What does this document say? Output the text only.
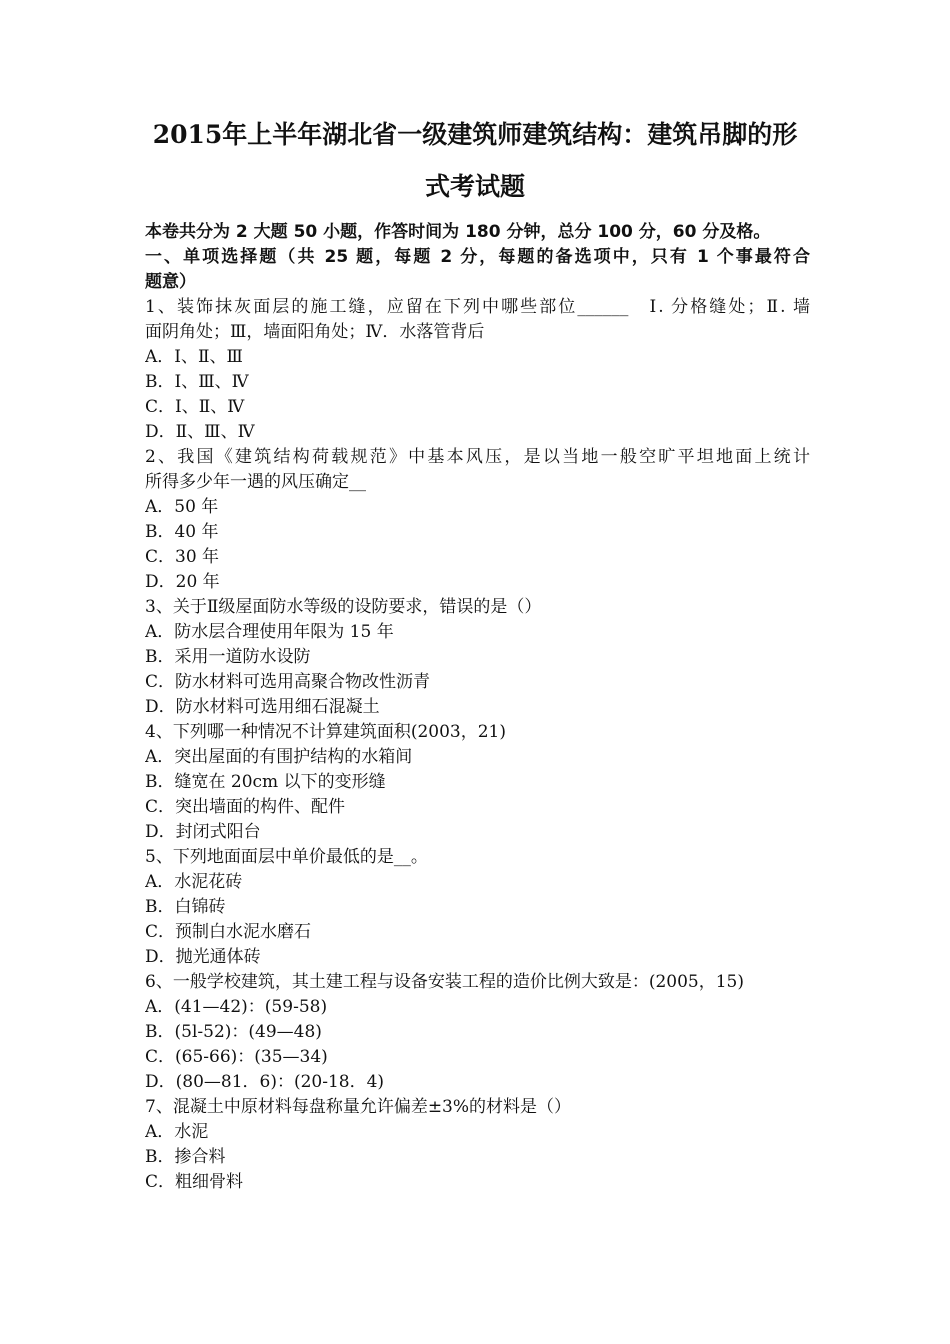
2015年上半年湖北省一级建筑师建筑结构：建筑吊脚的形
式考试题
本卷共分为 2 大题 50 小题，作答时间为 180 分钟，总分 100 分，60 分及格。
一、单项选择题（共 25 题，每题 2 分，每题的备选项中，只有 1 个事最符合
题意）
1、装饰抹灰面层的施工缝，应留在下列中哪些部位______　Ⅰ. 分格缝处；Ⅱ. 墙
面阴角处；Ⅲ，墙面阳角处；Ⅳ．水落管背后
A．Ⅰ、Ⅱ、Ⅲ
B．Ⅰ、Ⅲ、Ⅳ
C．Ⅰ、Ⅱ、Ⅳ
D．Ⅱ、Ⅲ、Ⅳ
2、我国《建筑结构荷载规范》中基本风压，是以当地一般空旷平坦地面上统计
所得多少年一遇的风压确定__
A．50 年
B．40 年
C．30 年
D．20 年
3、关于Ⅱ级屋面防水等级的设防要求，错误的是（）
A．防水层合理使用年限为 15 年
B．采用一道防水设防
C．防水材料可选用高聚合物改性沥青
D．防水材料可选用细石混凝土
4、下列哪一种情况不计算建筑面积(2003，21)
A．突出屋面的有围护结构的水箱间
B．缝宽在 20cm 以下的变形缝
C．突出墙面的构件、配件
D．封闭式阳台
5、下列地面面层中单价最低的是__。
A．水泥花砖
B．白锦砖
C．预制白水泥水磨石
D．抛光通体砖
6、一般学校建筑，其土建工程与设备安装工程的造价比例大致是：(2005，15)
A．(41—42)：(59-58)
B．(5l-52)：(49—48)
C．(65-66)：(35—34)
D．(80—81．6)：(20-18．4)
7、混凝土中原材料每盘称量允许偏差±3%的材料是（）
A．水泥
B．掺合料
C．粗细骨料
